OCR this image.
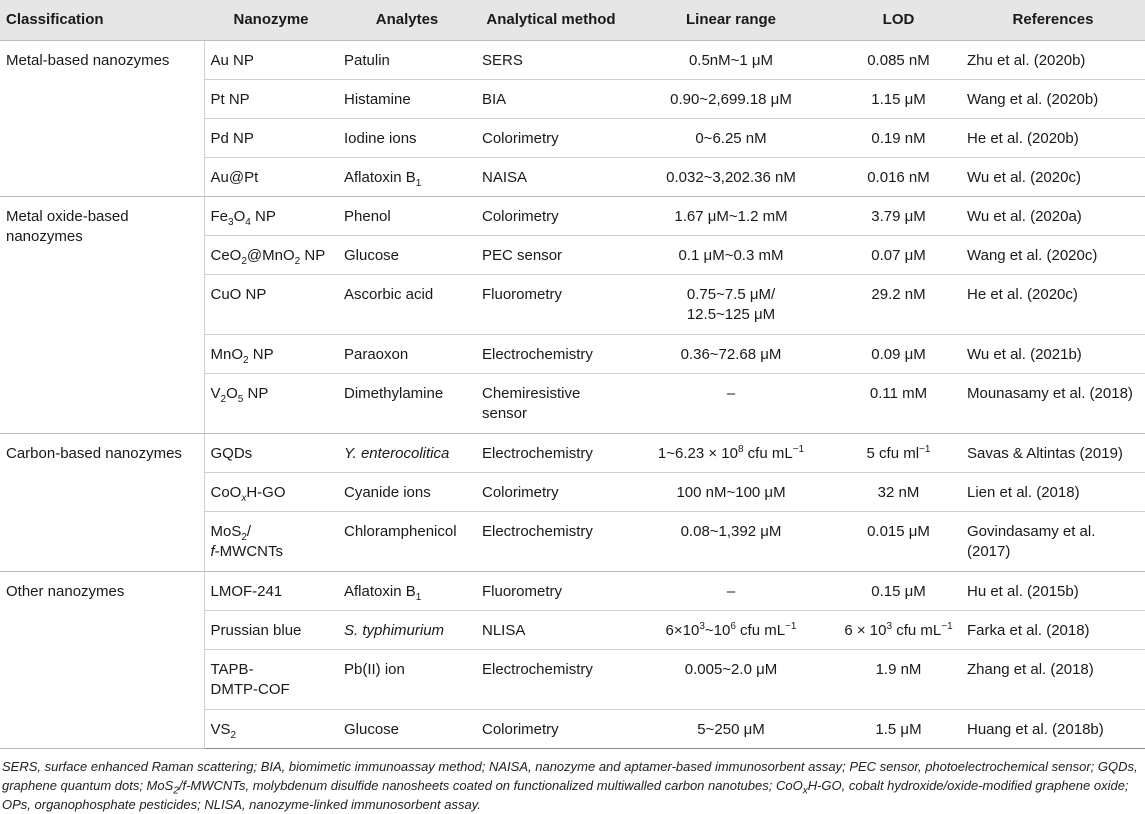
Classification	Nanozyme	Analytes	Analytical method	Linear range	LOD	References
Metal-based nanozymes	Au NP	Patulin	SERS	0.5nM~1 μM	0.085 nM	Zhu et al. (2020b)
	Pt NP	Histamine	BIA	0.90~2,699.18 μM	1.15 μM	Wang et al. (2020b)
	Pd NP	Iodine ions	Colorimetry	0~6.25 nM	0.19 nM	He et al. (2020b)
	Au@Pt	Aflatoxin $B_1$	NAISA	0.032~3,202.36 nM	0.016 nM	Wu et al. (2020c)
Metal oxide-based nanozymes	$Fe_3O_4$ NP	Phenol	Colorimetry	1.67 μM~1.2 mM	3.79 μM	Wu et al. (2020a)
	CeO$_2$@MnO$_2$ NP	Glucose	PEC sensor	0.1 μM~0.3 mM	0.07 μM	Wang et al. (2020c)
	CuO NP	Ascorbic acid	Fluorometry	0.75~7.5 μM/
12.5~125 μM	29.2 nM	He et al. (2020c)
	MnO$_2$ NP	Paraoxon	Electrochemistry	0.36~72.68 μM	0.09 μM	Wu et al. (2021b)
	$V_2O_5$ NP	Dimethylamine	Chemiresistive
sensor	–	0.11 mM	Mounasamy et al. (2018)
Carbon-based nanozymes	GQDs	Y. enterocolitica	Electrochemistry	1~6.23 × $10^8$ cfu $mL^{-1}$	5 cfu $ml^{-1}$	Savas & Altintas (2019)
	CoO$_x$H-GO	Cyanide ions	Colorimetry	100 nM~100 μM	32 nM	Lien et al. (2018)
	MoS$_2$/
f-MWCNTs	Chloramphenicol	Electrochemistry	0.08~1,392 μM	0.015 μM	Govindasamy et al.
(2017)
Other nanozymes	LMOF-241	Aflatoxin $B_1$	Fluorometry	–	0.15 μM	Hu et al. (2015b)
	Prussian blue	S. typhimurium	NLISA	$6\times 10^3\sim 10^6$ cfu $mL^{-1}$	$6 \times 10^3$ cfu $mL^{-1}$	Farka et al. (2018)
	TAPB-
DMTP-COF	Pb(II) ion	Electrochemistry	0.005~2.0 μM	1.9 nM	Zhang et al. (2018)
	$VS_2$	Glucose	Colorimetry	5~250 μM	1.5 μM	Huang et al. (2018b)
SERS, surface enhanced Raman scattering; BIA, biomimetic immunoassay method; NAISA, nanozyme and aptamer-based immunosorbent assay; PEC sensor, photoelectrochemical sensor; GQDs, graphene quantum dots; MoS$_2$/f-MWCNTs, molybdenum disulfide nanosheets coated on functionalized multiwalled carbon nanotubes; CoO$_x$H-GO, cobalt hydroxide/oxide-modified graphene oxide; OPs, organophosphate pesticides; NLISA, nanozyme-linked immunosorbent assay.
